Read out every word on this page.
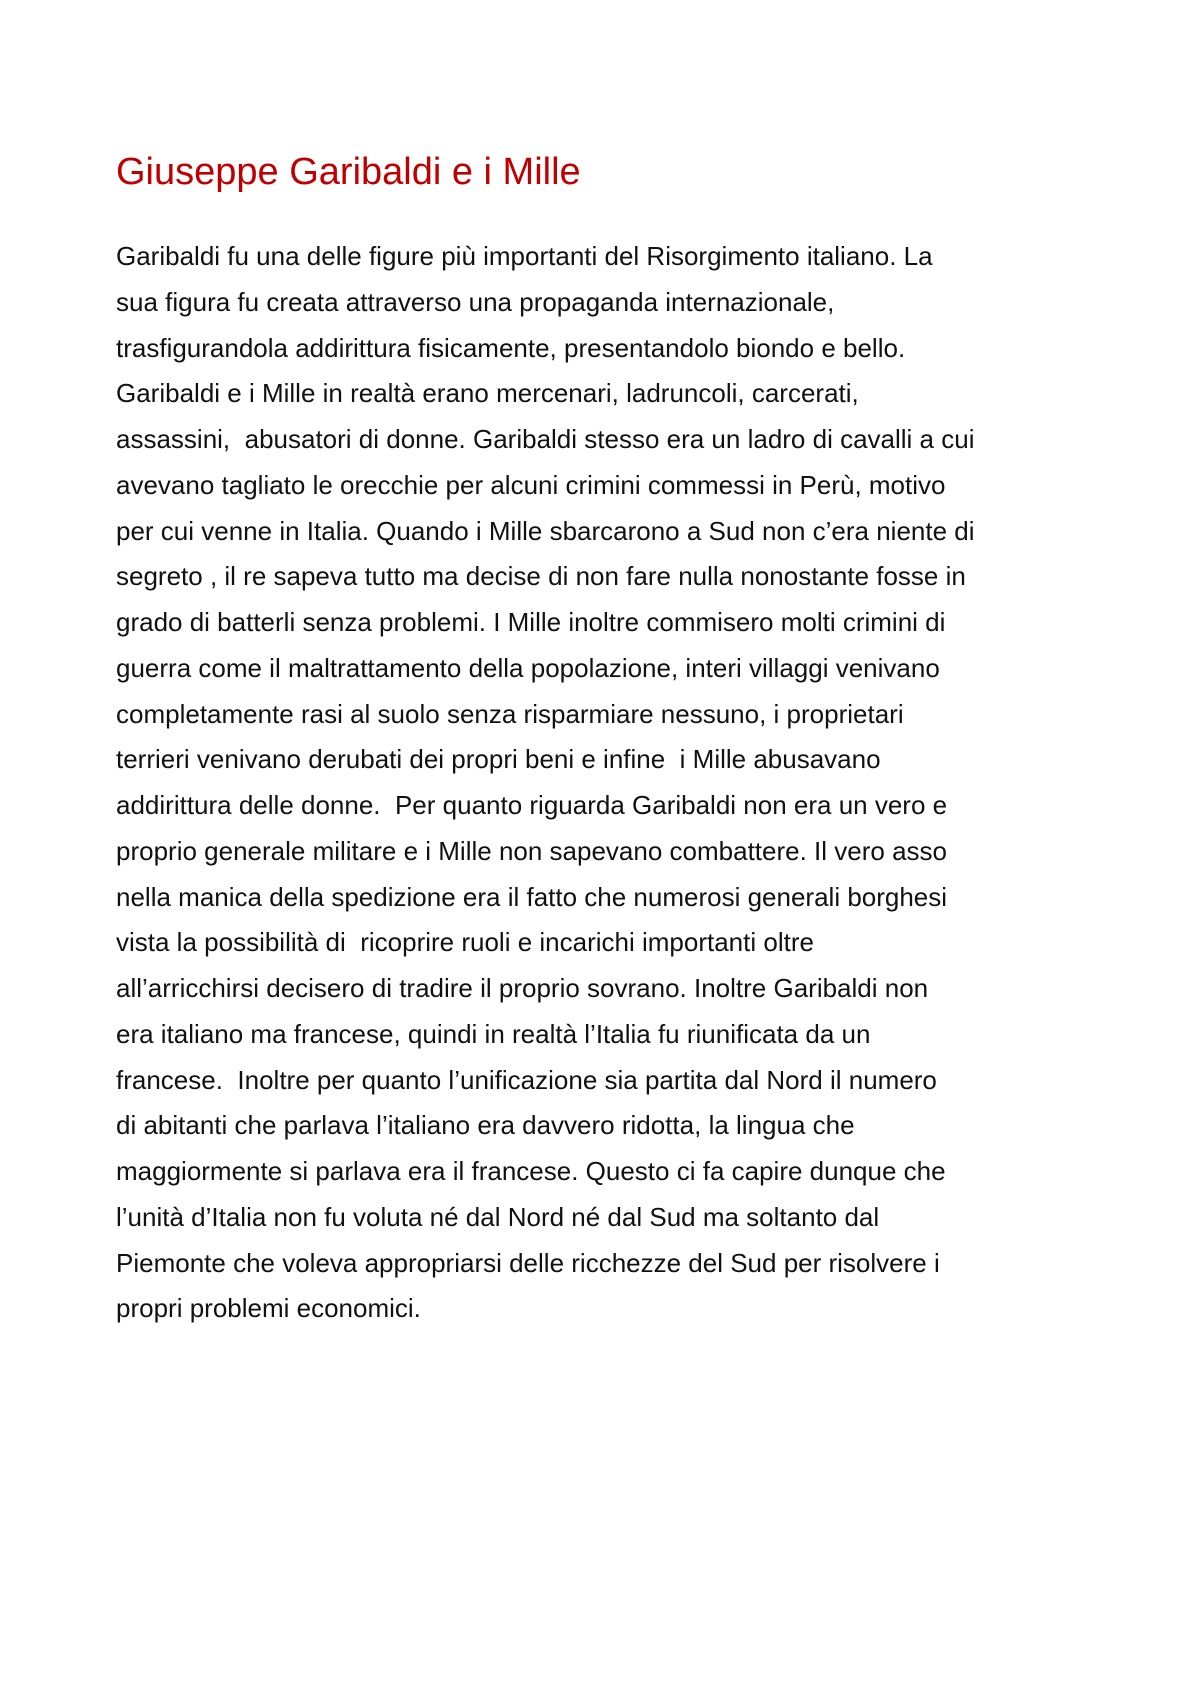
Giuseppe Garibaldi e i Mille
Garibaldi fu una delle figure più importanti del Risorgimento italiano. La
sua figura fu creata attraverso una propaganda internazionale,
trasfigurandola addirittura fisicamente, presentandolo biondo e bello.
Garibaldi e i Mille in realtà erano mercenari, ladruncoli, carcerati,
assassini,  abusatori di donne. Garibaldi stesso era un ladro di cavalli a cui
avevano tagliato le orecchie per alcuni crimini commessi in Perù, motivo
per cui venne in Italia. Quando i Mille sbarcarono a Sud non c’era niente di
segreto , il re sapeva tutto ma decise di non fare nulla nonostante fosse in
grado di batterli senza problemi. I Mille inoltre commisero molti crimini di
guerra come il maltrattamento della popolazione, interi villaggi venivano
completamente rasi al suolo senza risparmiare nessuno, i proprietari
terrieri venivano derubati dei propri beni e infine  i Mille abusavano
addirittura delle donne.  Per quanto riguarda Garibaldi non era un vero e
proprio generale militare e i Mille non sapevano combattere. Il vero asso
nella manica della spedizione era il fatto che numerosi generali borghesi
vista la possibilità di  ricoprire ruoli e incarichi importanti oltre
all’arricchirsi decisero di tradire il proprio sovrano. Inoltre Garibaldi non
era italiano ma francese, quindi in realtà l’Italia fu riunificata da un
francese.  Inoltre per quanto l’unificazione sia partita dal Nord il numero
di abitanti che parlava l’italiano era davvero ridotta, la lingua che
maggiormente si parlava era il francese. Questo ci fa capire dunque che
l’unità d’Italia non fu voluta né dal Nord né dal Sud ma soltanto dal
Piemonte che voleva appropriarsi delle ricchezze del Sud per risolvere i
propri problemi economici.
